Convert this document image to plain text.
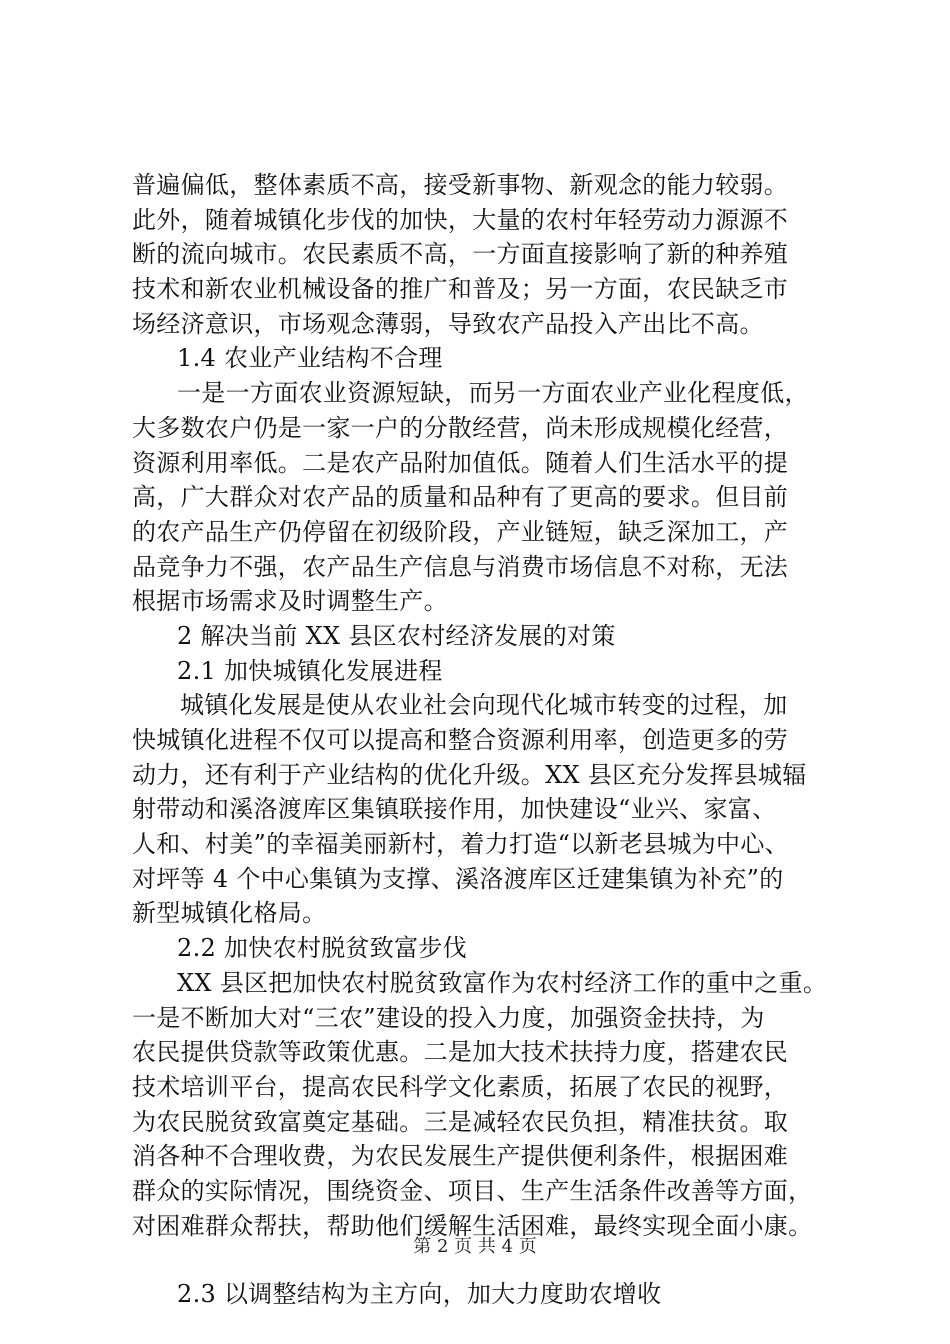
普遍偏低，整体素质不高，接受新事物、新观念的能力较弱。
此外，随着城镇化步伐的加快，大量的农村年轻劳动力源源不
断的流向城市。农民素质不高，一方面直接影响了新的种养殖
技术和新农业机械设备的推广和普及；另一方面，农民缺乏市
场经济意识，市场观念薄弱，导致农产品投入产出比不高。
1.4 农业产业结构不合理
一是一方面农业资源短缺，而另一方面农业产业化程度低，
大多数农户仍是一家一户的分散经营，尚未形成规模化经营，
资源利用率低。二是农产品附加值低。随着人们生活水平的提
高，广大群众对农产品的质量和品种有了更高的要求。但目前
的农产品生产仍停留在初级阶段，产业链短，缺乏深加工，产
品竞争力不强，农产品生产信息与消费市场信息不对称，无法
根据市场需求及时调整生产。
2 解决当前 XX 县区农村经济发展的对策
2.1 加快城镇化发展进程
城镇化发展是使从农业社会向现代化城市转变的过程，加
快城镇化进程不仅可以提高和整合资源利用率，创造更多的劳
动力，还有利于产业结构的优化升级。XX 县区充分发挥县城辐
射带动和溪洛渡库区集镇联接作用，加快建设“业兴、家富、
人和、村美”的幸福美丽新村，着力打造“以新老县城为中心、
对坪等 4 个中心集镇为支撑、溪洛渡库区迁建集镇为补充”的
新型城镇化格局。
2.2 加快农村脱贫致富步伐
XX 县区把加快农村脱贫致富作为农村经济工作的重中之重。
一是不断加大对“三农”建设的投入力度，加强资金扶持，为
农民提供贷款等政策优惠。二是加大技术扶持力度，搭建农民
技术培训平台，提高农民科学文化素质，拓展了农民的视野，
为农民脱贫致富奠定基础。三是减轻农民负担，精准扶贫。取
消各种不合理收费，为农民发展生产提供便利条件，根据困难
群众的实际情况，围绕资金、项目、生产生活条件改善等方面，
对困难群众帮扶，帮助他们缓解生活困难，最终实现全面小康。
2.3 以调整结构为主方向，加大力度助农增收
第 2 页 共 4 页
